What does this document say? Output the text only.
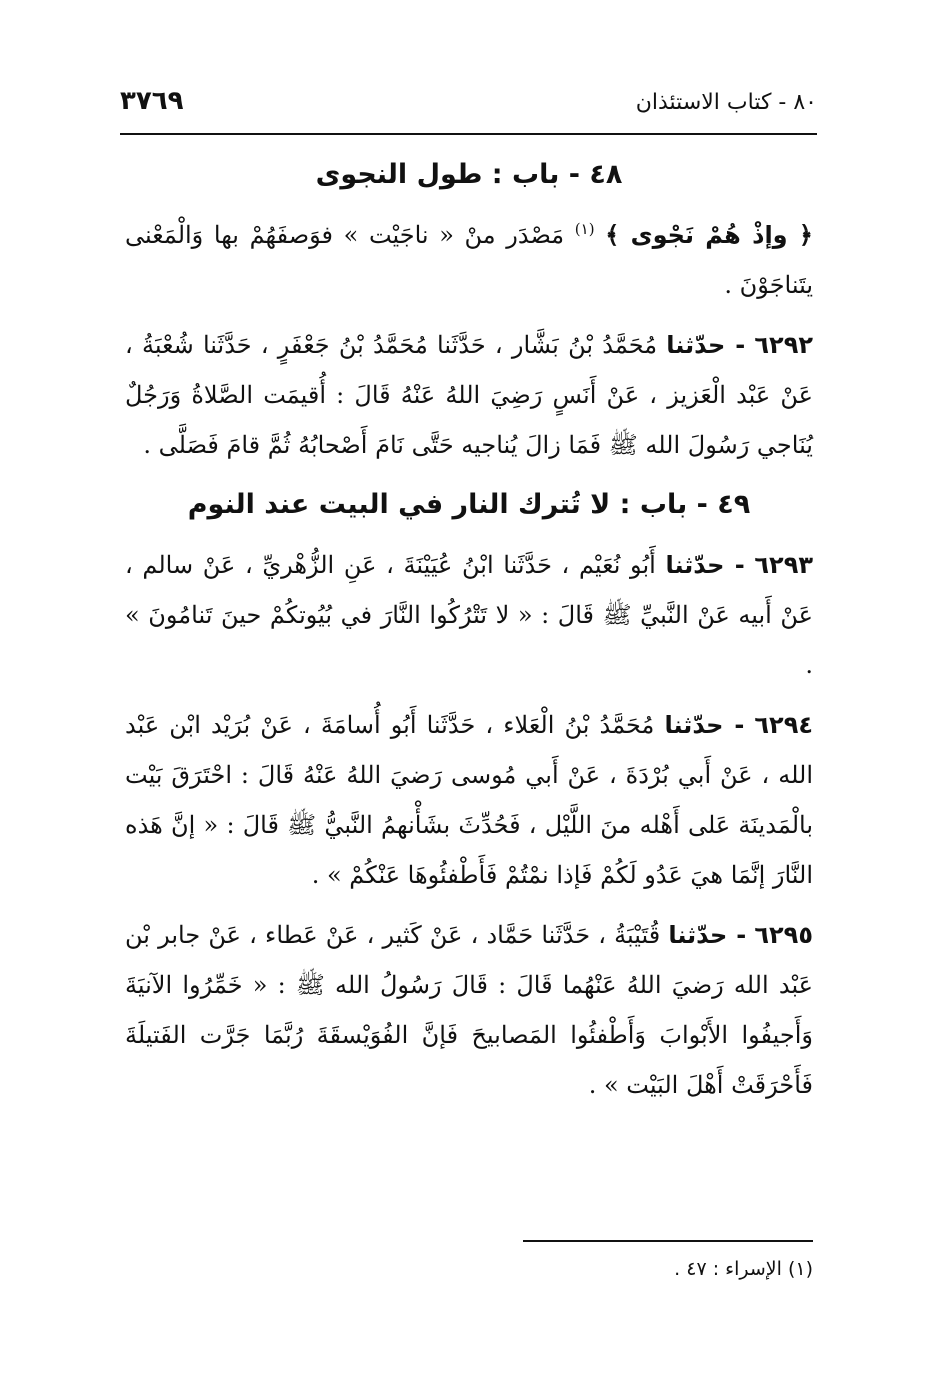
٨٠ - كتاب الاستئذان
٣٧٦٩
٤٨ - باب : طول النجوى

﴿ وإذْ هُمْ نَجْوى ﴾ $^{(١)}$ مَصْدَر منْ « ناجَيْت » فوَصفَهُمْ بها وَالْمَعْنى يتَناجَوْنَ .

٦٢٩٢ - حدّثنا مُحَمَّدُ بْنُ بَشَّار ، حَدَّثَنا مُحَمَّدُ بْنُ جَعْفَرٍ ، حَدَّثَنا شُعْبَةُ ، عَنْ عَبْد الْعَزيز ، عَنْ أَنَسٍ رَضِيَ اللهُ عَنْهُ قَالَ : أُقيمَت الصَّلاةُ وَرَجُلٌ يُنَاجي رَسُولَ الله ﷺ فَمَا زالَ يُناجيه حَتَّى نَامَ أَصْحابُهُ ثُمَّ قامَ فَصَلَّى .

٤٩ - باب : لا تُترك النار في البيت عند النوم

٦٢٩٣ - حدّثنا أَبُو نُعَيْم ، حَدَّثَنا ابْنُ عُيَيْنَةَ ، عَنِ الزُّهْريِّ ، عَنْ سالم ، عَنْ أَبيه عَنْ النَّبيِّ ﷺ قَالَ : « لا تَتْرُكُوا النَّارَ في بُيُوتكُمْ حينَ تَنامُونَ » .

٦٢٩٤ - حدّثنا مُحَمَّدُ بْنُ الْعَلاء ، حَدَّثَنا أَبُو أُسامَةَ ، عَنْ بُرَيْد ابْن عَبْد الله ، عَنْ أَبي بُرْدَةَ ، عَنْ أَبي مُوسى رَضيَ اللهُ عَنْهُ قَالَ : احْتَرَقَ بَيْت بالْمَدينَة عَلى أَهْله منَ اللَّيْل ، فَحُدِّثَ بشَأْنهمُ النَّبيُّ ﷺ قَالَ : « إنَّ هَذه النَّارَ إنَّمَا هيَ عَدُو لَكُمْ فَإذا نمْتُمْ فَأَطْفئُوهَا عَنْكُمْ » .

٦٢٩٥ - حدّثنا قُتَيْبَةُ ، حَدَّثَنا حَمَّاد ، عَنْ كَثير ، عَنْ عَطاء ، عَنْ جابر بْن عَبْد الله رَضيَ اللهُ عَنْهُما قَالَ : قَالَ رَسُولُ الله ﷺ : « خَمِّرُوا الآنيَةَ وَأَجيفُوا الأَبْوابَ وَأَطْفئُوا المَصابيحَ فَإنَّ الفُوَيْسقَةَ رُبَّمَا جَرَّت الفَتيلَةَ فَأَحْرَقَتْ أَهْلَ البَيْت » .

(١) الإسراء : ٤٧ .
